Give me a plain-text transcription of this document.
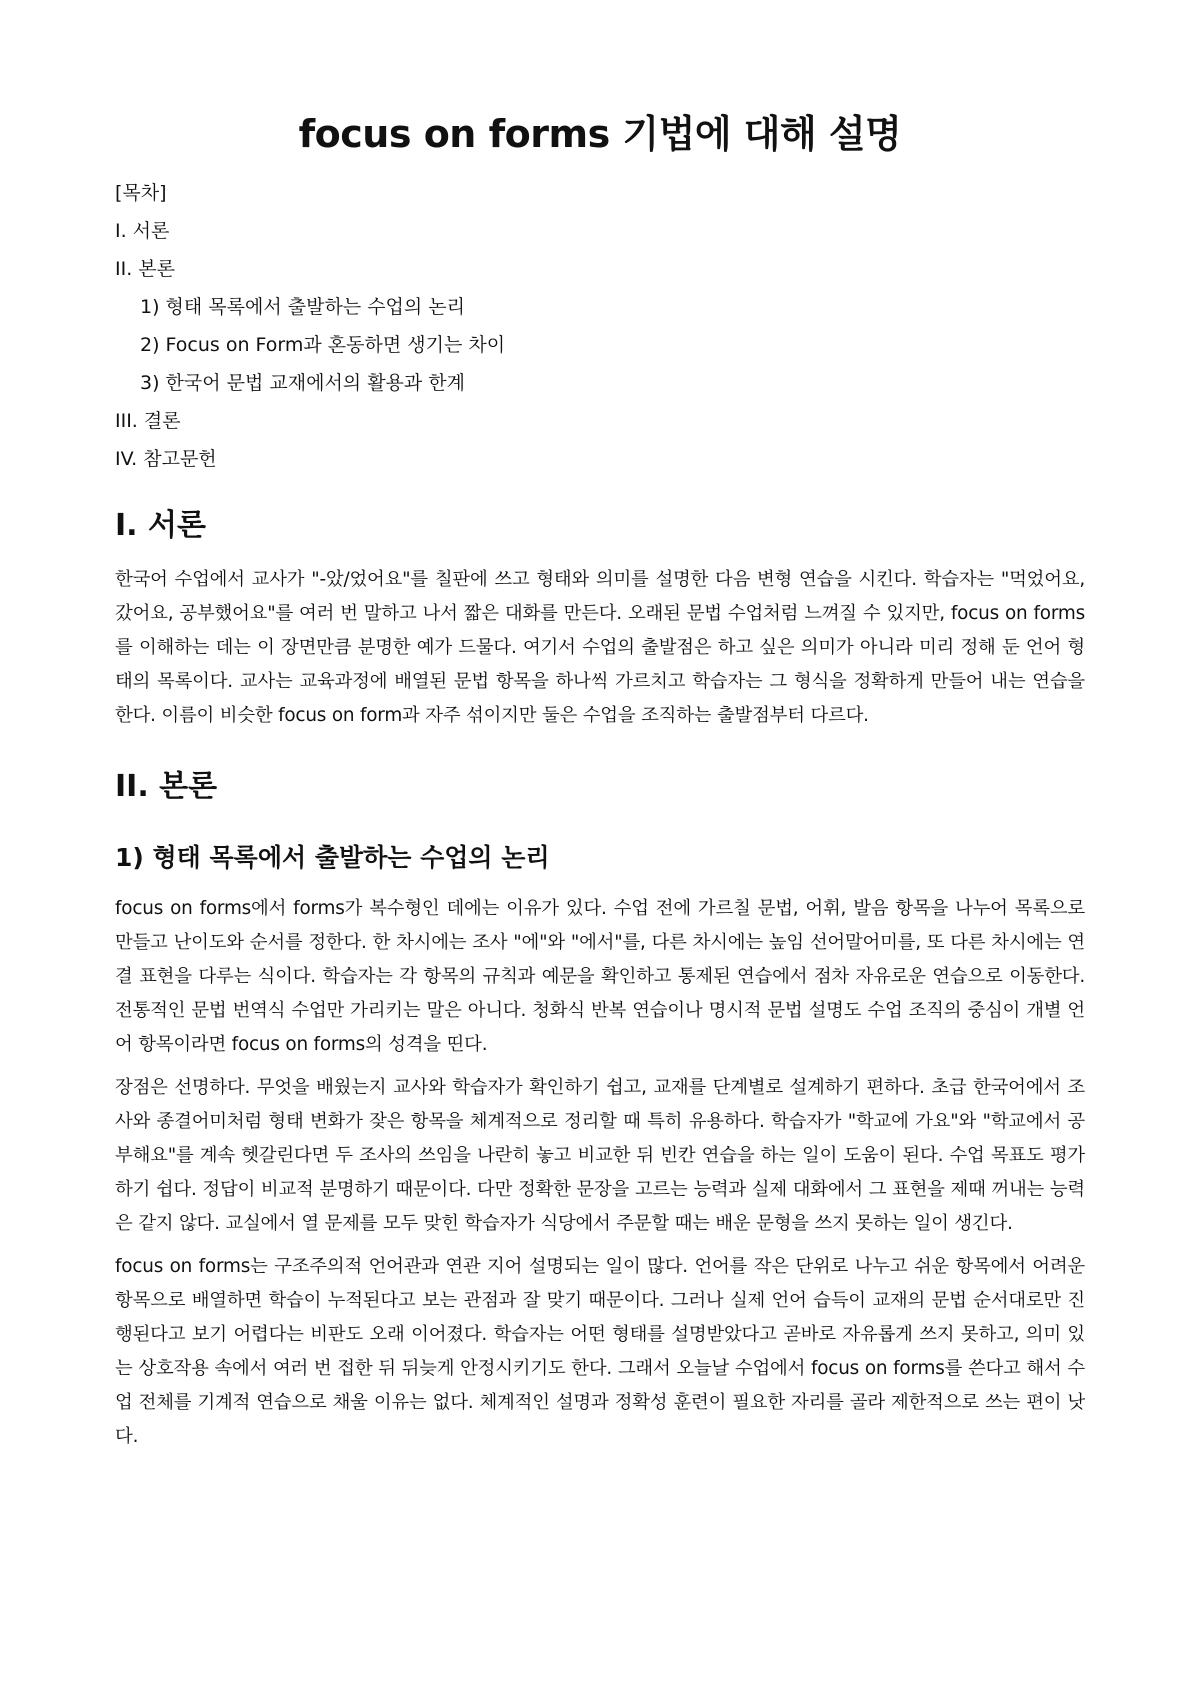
focus on forms 기법에 대해 설명
[목차]
I. 서론
II. 본론
1) 형태 목록에서 출발하는 수업의 논리
2) Focus on Form과 혼동하면 생기는 차이
3) 한국어 문법 교재에서의 활용과 한계
III. 결론
IV. 참고문헌
I. 서론

한국어 수업에서 교사가 "-았/었어요"를 칠판에 쓰고 형태와 의미를 설명한 다음 변형 연습을 시킨다. 학습자는 "먹었어요, 갔어요, 공부했어요"를 여러 번 말하고 나서 짧은 대화를 만든다. 오래된 문법 수업처럼 느껴질 수 있지만, focus on forms를 이해하는 데는 이 장면만큼 분명한 예가 드물다. 여기서 수업의 출발점은 하고 싶은 의미가 아니라 미리 정해 둔 언어 형태의 목록이다. 교사는 교육과정에 배열된 문법 항목을 하나씩 가르치고 학습자는 그 형식을 정확하게 만들어 내는 연습을 한다. 이름이 비슷한 focus on form과 자주 섞이지만 둘은 수업을 조직하는 출발점부터 다르다.

II. 본론
1) 형태 목록에서 출발하는 수업의 논리

focus on forms에서 forms가 복수형인 데에는 이유가 있다. 수업 전에 가르칠 문법, 어휘, 발음 항목을 나누어 목록으로 만들고 난이도와 순서를 정한다. 한 차시에는 조사 "에"와 "에서"를, 다른 차시에는 높임 선어말어미를, 또 다른 차시에는 연결 표현을 다루는 식이다. 학습자는 각 항목의 규칙과 예문을 확인하고 통제된 연습에서 점차 자유로운 연습으로 이동한다. 전통적인 문법 번역식 수업만 가리키는 말은 아니다. 청화식 반복 연습이나 명시적 문법 설명도 수업 조직의 중심이 개별 언어 항목이라면 focus on forms의 성격을 띤다.

장점은 선명하다. 무엇을 배웠는지 교사와 학습자가 확인하기 쉽고, 교재를 단계별로 설계하기 편하다. 초급 한국어에서 조사와 종결어미처럼 형태 변화가 잦은 항목을 체계적으로 정리할 때 특히 유용하다. 학습자가 "학교에 가요"와 "학교에서 공부해요"를 계속 헷갈린다면 두 조사의 쓰임을 나란히 놓고 비교한 뒤 빈칸 연습을 하는 일이 도움이 된다. 수업 목표도 평가하기 쉽다. 정답이 비교적 분명하기 때문이다. 다만 정확한 문장을 고르는 능력과 실제 대화에서 그 표현을 제때 꺼내는 능력은 같지 않다. 교실에서 열 문제를 모두 맞힌 학습자가 식당에서 주문할 때는 배운 문형을 쓰지 못하는 일이 생긴다.

focus on forms는 구조주의적 언어관과 연관 지어 설명되는 일이 많다. 언어를 작은 단위로 나누고 쉬운 항목에서 어려운 항목으로 배열하면 학습이 누적된다고 보는 관점과 잘 맞기 때문이다. 그러나 실제 언어 습득이 교재의 문법 순서대로만 진행된다고 보기 어렵다는 비판도 오래 이어졌다. 학습자는 어떤 형태를 설명받았다고 곧바로 자유롭게 쓰지 못하고, 의미 있는 상호작용 속에서 여러 번 접한 뒤 뒤늦게 안정시키기도 한다. 그래서 오늘날 수업에서 focus on forms를 쓴다고 해서 수업 전체를 기계적 연습으로 채울 이유는 없다. 체계적인 설명과 정확성 훈련이 필요한 자리를 골라 제한적으로 쓰는 편이 낫다.
